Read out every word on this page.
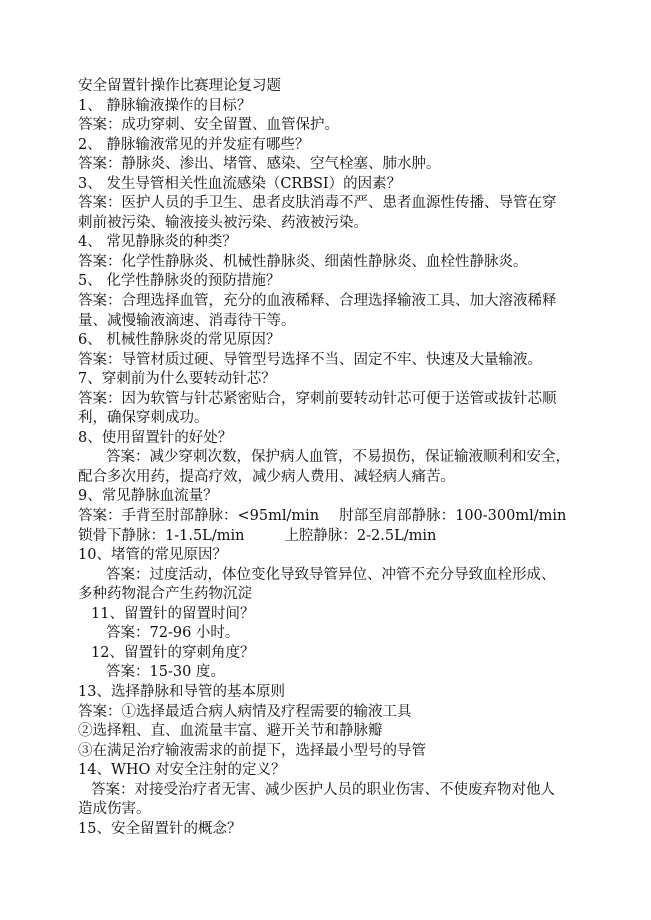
安全留置针操作比赛理论复习题
1、 静脉输液操作的目标？
答案：成功穿刺、安全留置、血管保护。
2、 静脉输液常见的并发症有哪些？
答案：静脉炎、渗出、堵管、感染、空气栓塞、肺水肿。
3、 发生导管相关性血流感染（CRBSI）的因素？
答案：医护人员的手卫生、患者皮肤消毒不严、患者血源性传播、导管在穿
刺前被污染、输液接头被污染、药液被污染。
4、 常见静脉炎的种类？
答案：化学性静脉炎、机械性静脉炎、细菌性静脉炎、血栓性静脉炎。
5、 化学性静脉炎的预防措施？
答案：合理选择血管，充分的血液稀释、合理选择输液工具、加大溶液稀释
量、减慢输液滴速、消毒待干等。
6、 机械性静脉炎的常见原因？
答案：导管材质过硬、导管型号选择不当、固定不牢、快速及大量输液。
7、穿刺前为什么要转动针芯？
答案：因为软管与针芯紧密贴合，穿刺前要转动针芯可便于送管或拔针芯顺
利，确保穿刺成功。
8、使用留置针的好处？
答案：减少穿刺次数，保护病人血管，不易损伤，保证输液顺利和安全，
配合多次用药，提高疗效，减少病人费用、减轻病人痛苦。
9、常见静脉血流量？
答案：手背至肘部静脉：<95ml/min 肘部至肩部静脉：100-300ml/min
锁骨下静脉：1-1.5L/min	上腔静脉：2-2.5L/min
10、堵管的常见原因？
答案：过度活动，体位变化导致导管异位、冲管不充分导致血栓形成、
多种药物混合产生药物沉淀
11、留置针的留置时间？
答案：72-96 小时。
12、留置针的穿刺角度？
答案：15-30 度。
13、选择静脉和导管的基本原则
答案：①选择最适合病人病情及疗程需要的输液工具
②选择粗、直、血流量丰富、避开关节和静脉瓣
③在满足治疗输液需求的前提下，选择最小型号的导管
14、WHO 对安全注射的定义？
答案：对接受治疗者无害、减少医护人员的职业伤害、不使废弃物对他人
造成伤害。
15、安全留置针的概念？
